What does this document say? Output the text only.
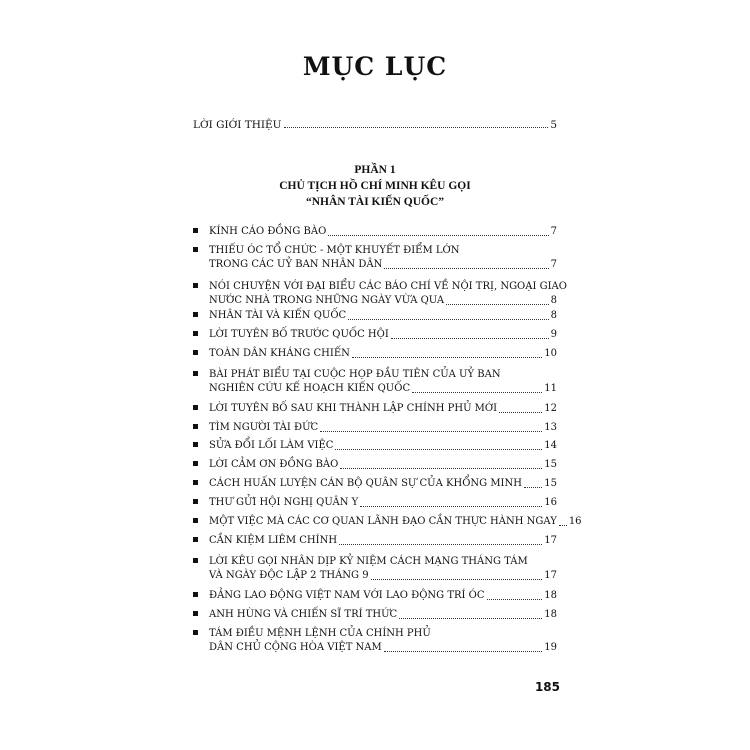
MỤC LỤC
LỜI GIỚI THIỆU	5
PHẦN 1
CHỦ TỊCH HỒ CHÍ MINH KÊU GỌI
“NHÂN TÀI KIẾN QUỐC”
KÍNH CÁO ĐỒNG BÀO	7
THIẾU ÓC TỔ CHỨC - MỘT KHUYẾT ĐIỂM LỚN
TRONG CÁC UỶ BAN NHÂN DÂN	7
NÓI CHUYỆN VỚI ĐẠI BIỂU CÁC BÁO CHÍ VỀ NỘI TRỊ, NGOẠI GIAO
NƯỚC NHÀ TRONG NHỮNG NGÀY VỪA QUA	8
NHÂN TÀI VÀ KIẾN QUỐC	8
LỜI TUYÊN BỐ TRƯỚC QUỐC HỘI	9
TOÀN DÂN KHÁNG CHIẾN	10
BÀI PHÁT BIỂU TẠI CUỘC HỌP ĐẦU TIÊN CỦA UỶ BAN
NGHIÊN CỨU KẾ HOẠCH KIẾN QUỐC	11
LỜI TUYÊN BỐ SAU KHI THÀNH LẬP CHÍNH PHỦ MỚI	12
TÌM NGƯỜI TÀI ĐỨC	13
SỬA ĐỔI LỐI LÀM VIỆC	14
LỜI CẢM ƠN ĐỒNG BÀO	15
CÁCH HUẤN LUYỆN CÁN BỘ QUÂN SỰ CỦA KHỔNG MINH 15
THƯ GỬI HỘI NGHỊ QUÂN Y	16
MỘT VIỆC MÀ CÁC CƠ QUAN LÃNH ĐẠO CẦN THỰC HÀNH NGAY 16
CẦN KIỆM LIÊM CHÍNH	17
LỜI KÊU GỌI NHÂN DỊP KỶ NIỆM CÁCH MẠNG THÁNG TÁM
VÀ NGÀY ĐỘC LẬP 2 THÁNG 9	17
ĐẢNG LAO ĐỘNG VIỆT NAM VỚI LAO ĐỘNG TRÍ ÓC	18
ANH HÙNG VÀ CHIẾN SĨ TRÍ THỨC	18
TÁM ĐIỀU MỆNH LỆNH CỦA CHÍNH PHỦ
DÂN CHỦ CỘNG HÒA VIỆT NAM	19
185
